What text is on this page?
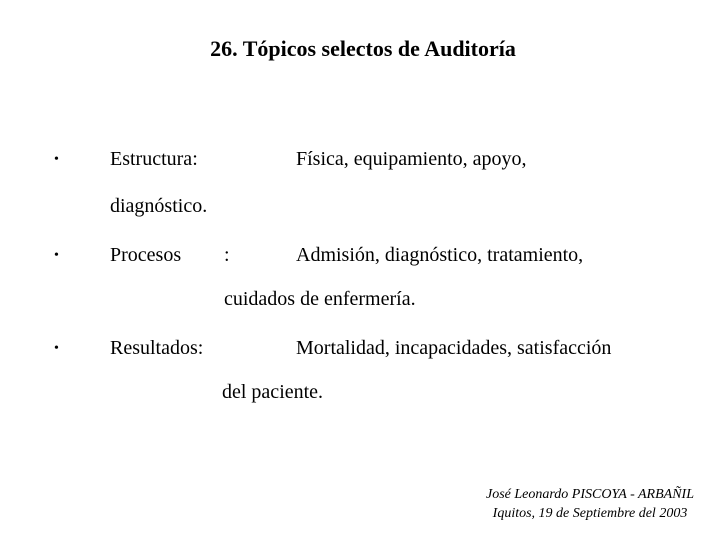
26. Tópicos selectos de Auditoría
•	Estructura:	Física, equipamiento, apoyo,
diagnóstico.
•	Procesos :	Admisión, diagnóstico, tratamiento,
cuidados de enfermería.
•	Resultados:	Mortalidad, incapacidades, satisfacción
del paciente.
José Leonardo PISCOYA - ARBAÑIL
Iquitos, 19 de Septiembre del 2003
